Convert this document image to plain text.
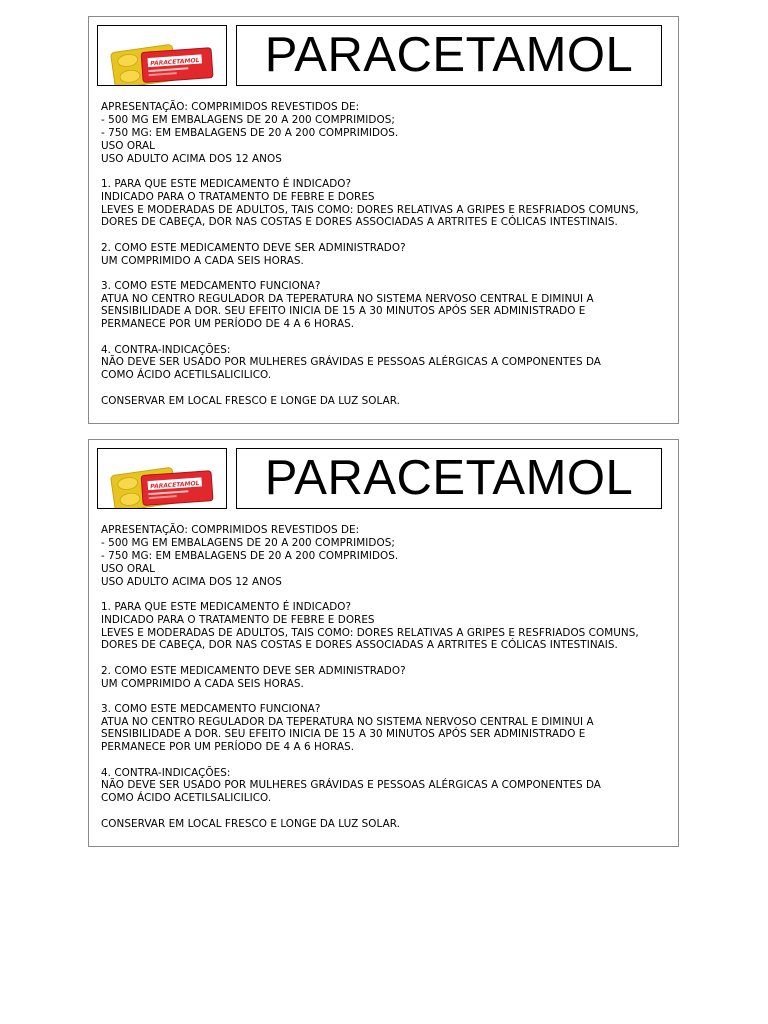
PARACETAMOL PARACETAMOL
APRESENTAÇÃO: COMPRIMIDOS REVESTIDOS DE:
- 500 MG EM EMBALAGENS DE 20 A 200 COMPRIMIDOS;
- 750 MG: EM EMBALAGENS DE 20 A 200 COMPRIMIDOS.
USO ORAL
USO ADULTO ACIMA DOS 12 ANOS
1. PARA QUE ESTE MEDICAMENTO É INDICADO?
INDICADO PARA O TRATAMENTO DE FEBRE E DORES
LEVES E MODERADAS DE ADULTOS, TAIS COMO: DORES RELATIVAS A GRIPES E RESFRIADOS COMUNS,
DORES DE CABEÇA, DOR NAS COSTAS E DORES ASSOCIADAS A ARTRITES E CÓLICAS INTESTINAIS.
2. COMO ESTE MEDICAMENTO DEVE SER ADMINISTRADO?
UM COMPRIMIDO A CADA SEIS HORAS.
3. COMO ESTE MEDCAMENTO FUNCIONA?
ATUA NO CENTRO REGULADOR DA TEPERATURA NO SISTEMA NERVOSO CENTRAL E DIMINUI A
SENSIBILIDADE A DOR. SEU EFEITO INICIA DE 15 A 30 MINUTOS APÓS SER ADMINISTRADO E
PERMANECE POR UM PERÍODO DE 4 A 6 HORAS.
4. CONTRA-INDICAÇÕES:
NÃO DEVE SER USADO POR MULHERES GRÁVIDAS E PESSOAS ALÉRGICAS A COMPONENTES DA
COMO ÁCIDO ACETILSALICILICO.
CONSERVAR EM LOCAL FRESCO E LONGE DA LUZ SOLAR.
PARACETAMOL PARACETAMOL
APRESENTAÇÃO: COMPRIMIDOS REVESTIDOS DE:
- 500 MG EM EMBALAGENS DE 20 A 200 COMPRIMIDOS;
- 750 MG: EM EMBALAGENS DE 20 A 200 COMPRIMIDOS.
USO ORAL
USO ADULTO ACIMA DOS 12 ANOS
1. PARA QUE ESTE MEDICAMENTO É INDICADO?
INDICADO PARA O TRATAMENTO DE FEBRE E DORES
LEVES E MODERADAS DE ADULTOS, TAIS COMO: DORES RELATIVAS A GRIPES E RESFRIADOS COMUNS,
DORES DE CABEÇA, DOR NAS COSTAS E DORES ASSOCIADAS A ARTRITES E CÓLICAS INTESTINAIS.
2. COMO ESTE MEDICAMENTO DEVE SER ADMINISTRADO?
UM COMPRIMIDO A CADA SEIS HORAS.
3. COMO ESTE MEDCAMENTO FUNCIONA?
ATUA NO CENTRO REGULADOR DA TEPERATURA NO SISTEMA NERVOSO CENTRAL E DIMINUI A
SENSIBILIDADE A DOR. SEU EFEITO INICIA DE 15 A 30 MINUTOS APÓS SER ADMINISTRADO E
PERMANECE POR UM PERÍODO DE 4 A 6 HORAS.
4. CONTRA-INDICAÇÕES:
NÃO DEVE SER USADO POR MULHERES GRÁVIDAS E PESSOAS ALÉRGICAS A COMPONENTES DA
COMO ÁCIDO ACETILSALICILICO.
CONSERVAR EM LOCAL FRESCO E LONGE DA LUZ SOLAR.
